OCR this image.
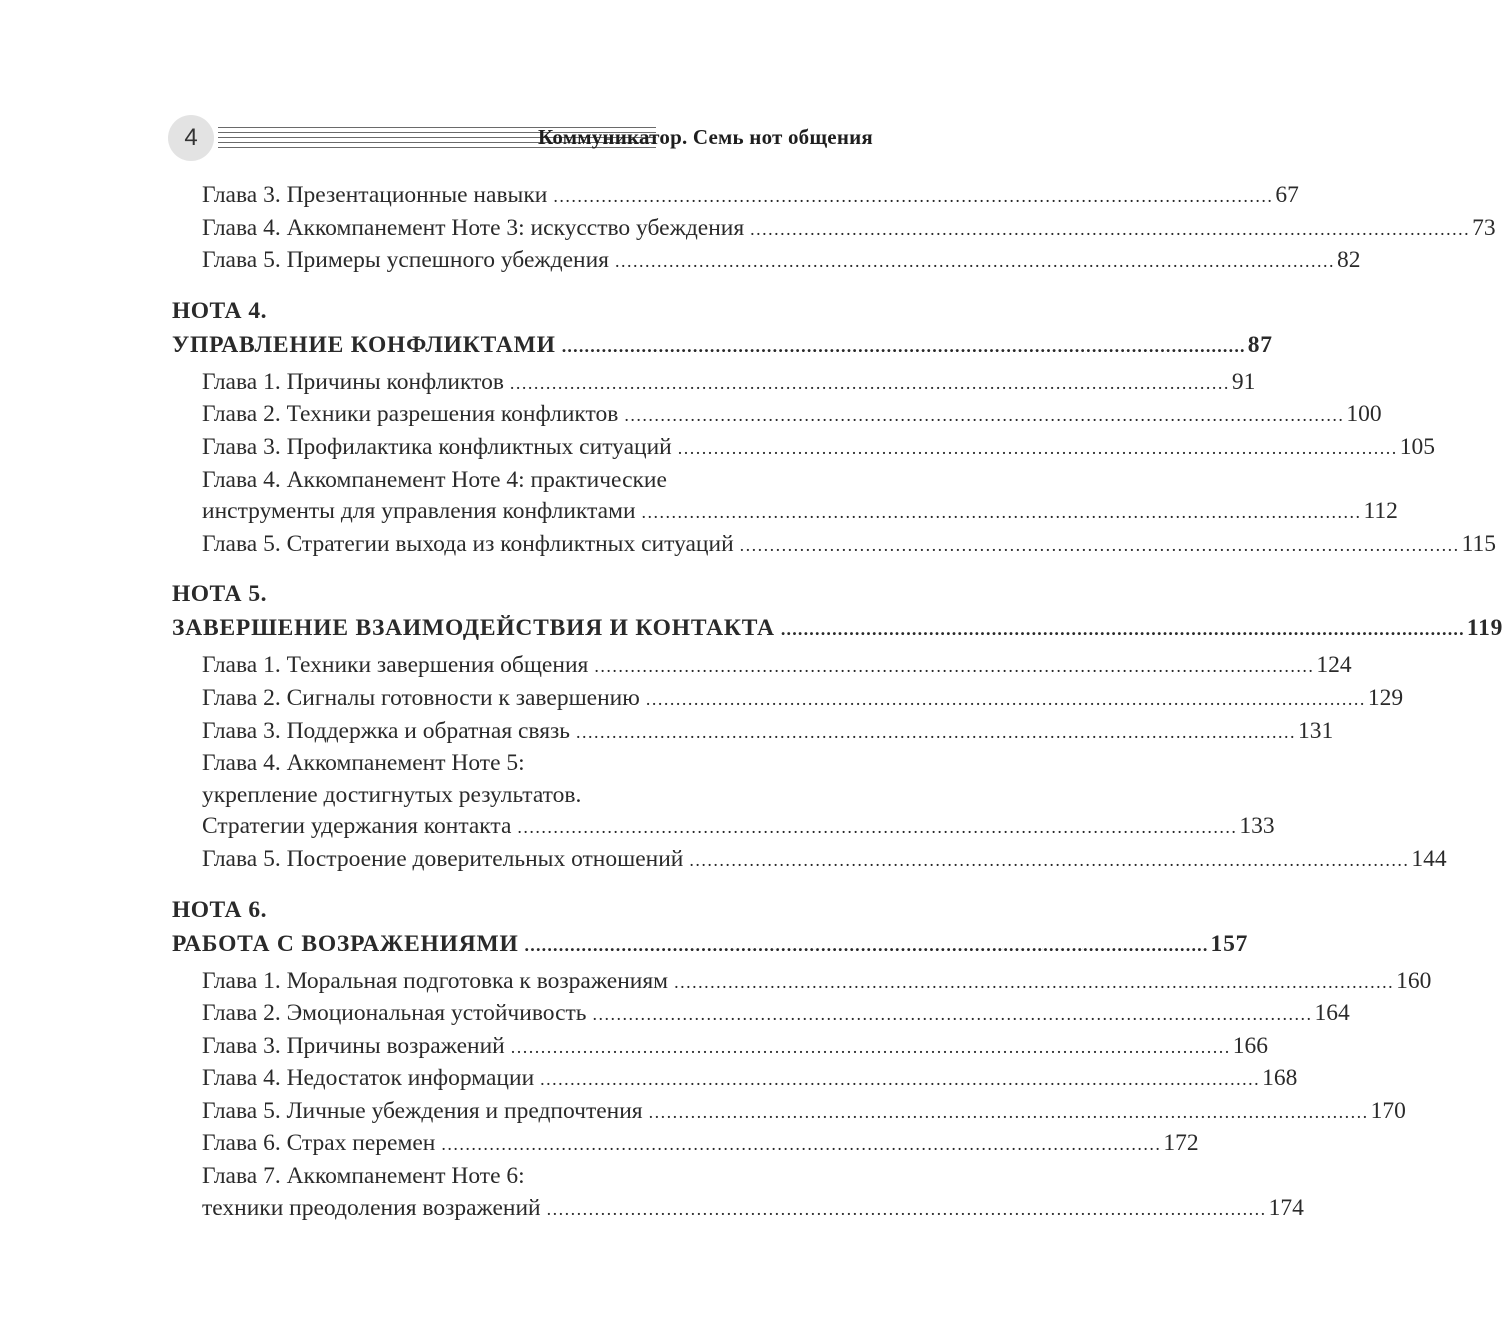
4	Коммуникатор. Семь нот общения
Глава 3. Презентационные навыки ........................................................................................................................ 67
Глава 4. Аккомпанемент Ноте 3: искусство убеждения ........................................................................................................................ 73
Глава 5. Примеры успешного убеждения ........................................................................................................................ 82
НОТА 4.
УПРАВЛЕНИЕ КОНФЛИКТАМИ ........................................................................................................................ 87
Глава 1. Причины конфликтов ........................................................................................................................ 91
Глава 2. Техники разрешения конфликтов ........................................................................................................................ 100
Глава 3. Профилактика конфликтных ситуаций ........................................................................................................................ 105
Глава 4. Аккомпанемент Ноте 4: практические
инструменты для управления конфликтами ........................................................................................................................ 112
Глава 5. Стратегии выхода из конфликтных ситуаций ........................................................................................................................ 115
НОТА 5.
ЗАВЕРШЕНИЕ ВЗАИМОДЕЙСТВИЯ И КОНТАКТА ........................................................................................................................ 119
Глава 1. Техники завершения общения ........................................................................................................................ 124
Глава 2. Сигналы готовности к завершению ........................................................................................................................ 129
Глава 3. Поддержка и обратная связь ........................................................................................................................ 131
Глава 4. Аккомпанемент Ноте 5:
укрепление достигнутых результатов.
Стратегии удержания контакта ........................................................................................................................ 133
Глава 5. Построение доверительных отношений ........................................................................................................................ 144
НОТА 6.
РАБОТА С ВОЗРАЖЕНИЯМИ ........................................................................................................................ 157
Глава 1. Моральная подготовка к возражениям ........................................................................................................................ 160
Глава 2. Эмоциональная устойчивость ........................................................................................................................ 164
Глава 3. Причины возражений ........................................................................................................................ 166
Глава 4. Недостаток информации ........................................................................................................................ 168
Глава 5. Личные убеждения и предпочтения ........................................................................................................................ 170
Глава 6. Страх перемен ........................................................................................................................ 172
Глава 7. Аккомпанемент Ноте 6:
техники преодоления возражений ........................................................................................................................ 174
